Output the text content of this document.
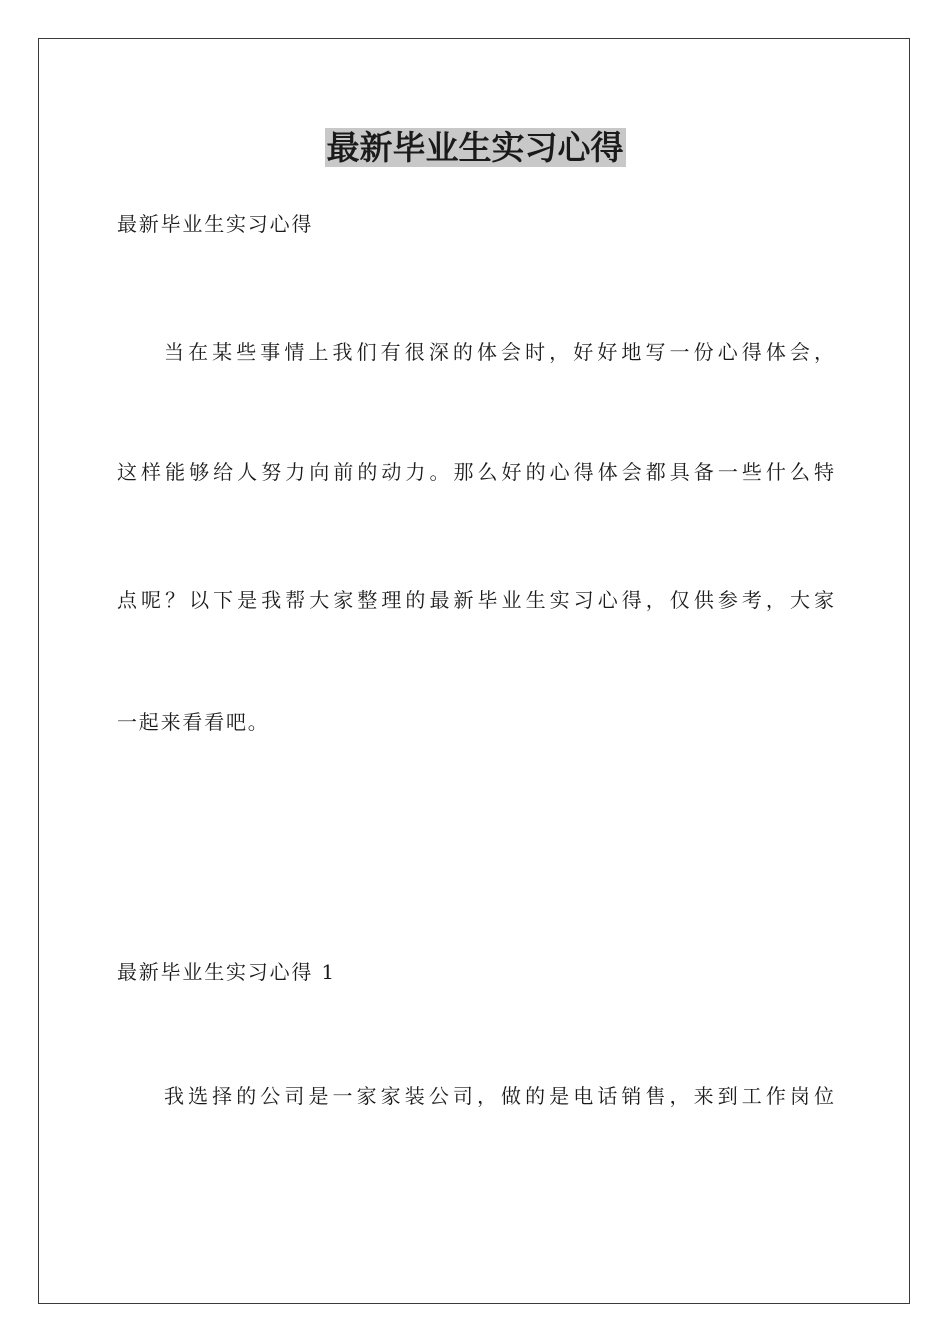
最新毕业生实习心得

最新毕业生实习心得

当在某些事情上我们有很深的体会时，好好地写一份心得体会，

这样能够给人努力向前的动力。那么好的心得体会都具备一些什么特

点呢？以下是我帮大家整理的最新毕业生实习心得，仅供参考，大家

一起来看看吧。

最新毕业生实习心得 1

我选择的公司是一家家装公司，做的是电话销售，来到工作岗位
